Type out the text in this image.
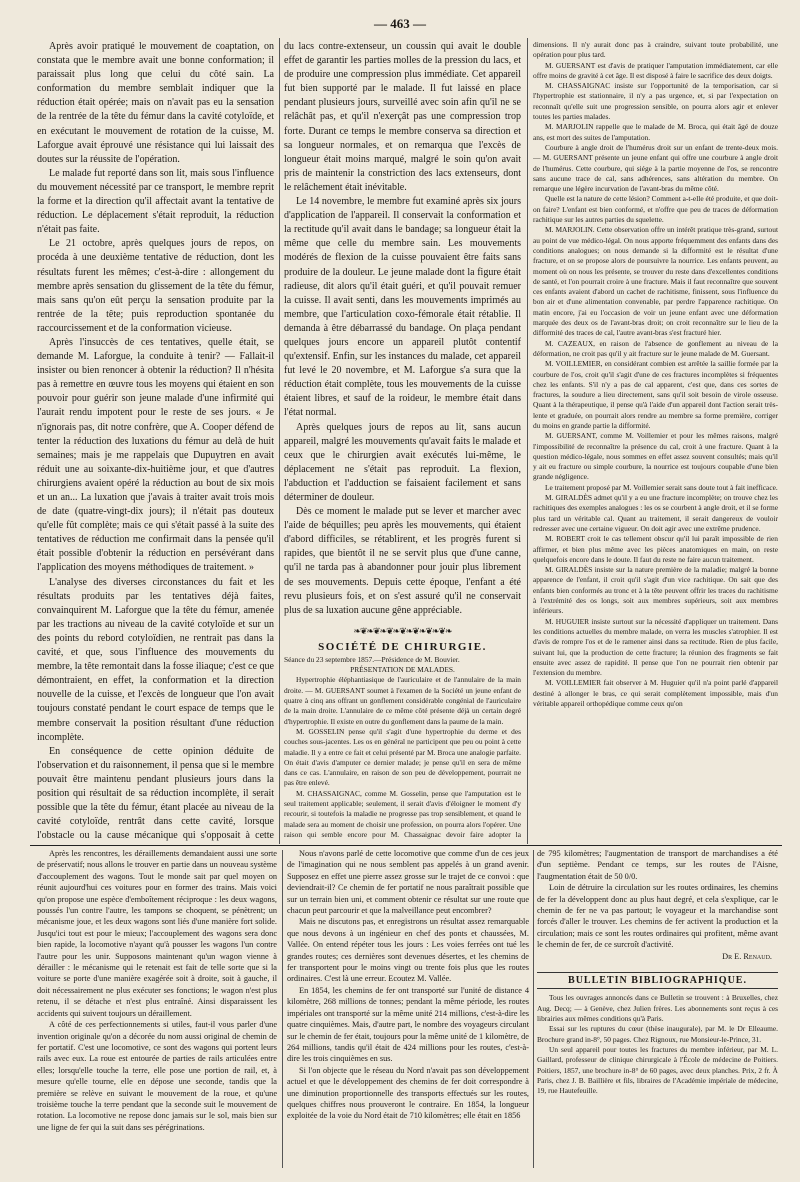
— 463 —

Après avoir pratiqué le mouvement de coaptation, on constata que le membre avait une bonne conformation; il paraissait plus long que celui du côté sain. La conformation du membre semblait indiquer que la réduction était opérée; mais on n'avait pas eu la sensation de la rentrée de la tête du fémur dans la cavité cotyloïde, et en exécutant le mouvement de rotation de la cuisse, M. Laforgue avait éprouvé une résistance qui lui laissait des doutes sur la réussite de l'opération.

Le malade fut reporté dans son lit, mais sous l'influence du mouvement nécessité par ce transport, le membre reprit la forme et la direction qu'il affectait avant la tentative de réduction. Le déplacement s'était reproduit, la réduction n'était pas faite.

Le 21 octobre, après quelques jours de repos, on procéda à une deuxième tentative de réduction, dont les résultats furent les mêmes; c'est-à-dire : allongement du membre après sensation du glissement de la tête du fémur, mais sans qu'on eût perçu la sensation produite par la rentrée de la tête; puis reproduction spontanée du raccourcissement et de la conformation vicieuse.

Après l'insuccès de ces tentatives, quelle était, se demande M. Laforgue, la conduite à tenir? — Fallait-il insister ou bien renoncer à obtenir la réduction? Il n'hésita pas à remettre en œuvre tous les moyens qui étaient en son pouvoir pour guérir son jeune malade d'une infirmité qui l'aurait rendu impotent pour le reste de ses jours. « Je n'ignorais pas, dit notre confrère, que A. Cooper défend de tenter la réduction des luxations du fémur au delà de huit semaines; mais je me rappelais que Dupuytren en avait réduit une au soixante-dix-huitième jour, et que d'autres chirurgiens avaient opéré la réduction au bout de six mois et un an... La luxation que j'avais à traiter avait trois mois de date (quatre-vingt-dix jours); il n'était pas douteux qu'elle fût complète; mais ce qui s'était passé à la suite des tentatives de réduction me confirmait dans la pensée qu'il était possible d'obtenir la réduction en persévérant dans l'application des moyens méthodiques de traitement. »

L'analyse des diverses circonstances du fait et les résultats produits par les tentatives déjà faites, convainquirent M. Laforgue que la tête du fémur, amenée par les tractions au niveau de la cavité cotyloïde et sur un des points du rebord cotyloïdien, ne rentrait pas dans la cavité, et que, sous l'influence des mouvements du membre, la tête remontait dans la fosse iliaque; c'est ce que démontraient, en effet, la conformation et la direction nouvelle de la cuisse, et l'excès de longueur que l'on avait toujours constaté pendant le court espace de temps que le membre conservait la position résultant d'une réduction incomplète.

En conséquence de cette opinion déduite de l'observation et du raisonnement, il pensa que si le membre pouvait être maintenu pendant plusieurs jours dans la position qui résultait de sa réduction incomplète, il serait possible que la tête du fémur, étant placée au niveau de la cavité cotyloïde, rentrât dans cette cavité, lorsque l'obstacle ou la cause mécanique qui s'opposait à cette

du lacs contre-extenseur, un coussin qui avait le double effet de garantir les parties molles de la pression du lacs, et de produire une compression plus immédiate. Cet appareil fut bien supporté par le malade. Il fut laissé en place pendant plusieurs jours, surveillé avec soin afin qu'il ne se relâchât pas, et qu'il n'exerçât pas une compression trop forte. Durant ce temps le membre conserva sa direction et sa longueur normales, et on remarqua que l'excès de longueur était moins marqué, malgré le soin qu'on avait pris de maintenir la constriction des lacs extenseurs, dont le relâchement était inévitable.

Le 14 novembre, le membre fut examiné après six jours d'application de l'appareil. Il conservait la conformation et la rectitude qu'il avait dans le bandage; sa longueur était la même que celle du membre sain. Les mouvements modérés de flexion de la cuisse pouvaient être faits sans produire de la douleur. Le jeune malade dont la figure était radieuse, dit alors qu'il était guéri, et qu'il pouvait remuer la cuisse. Il avait senti, dans les mouvements imprimés au membre, que l'articulation coxo-fémorale était rétablie. Il demanda à être débarrassé du bandage. On plaça pendant quelques jours encore un appareil plutôt contentif qu'extensif. Enfin, sur les instances du malade, cet appareil fut levé le 20 novembre, et M. Laforgue s'a sura que la réduction était complète, tous les mouvements de la cuisse étaient libres, et sauf de la roideur, le membre était dans l'état normal.

Après quelques jours de repos au lit, sans aucun appareil, malgré les mouvements qu'avait faits le malade et ceux que le chirurgien avait exécutés lui-même, le déplacement ne s'était pas reproduit. La flexion, l'abduction et l'adduction se faisaient facilement et sans déterminer de douleur.

Dès ce moment le malade put se lever et marcher avec l'aide de béquilles; peu après les mouvements, qui étaient d'abord difficiles, se rétablirent, et les progrès furent si rapides, que bientôt il ne se servit plus que d'une canne, qu'il ne tarda pas à abandonner pour jouir plus librement de ses mouvements. Depuis cette époque, l'enfant a été revu plusieurs fois, et on s'est assuré qu'il ne conservait plus de sa luxation aucune gêne appréciable.

❧❦❧❦❧❦❧❦❧❦❧❦❧❦❧
SOCIÉTÉ DE CHIRURGIE.

Séance du 23 septembre 1857.—Présidence de M. Bouvier.

PRÉSENTATION DE MALADES.

Hypertrophie éléphantiasique de l'auriculaire et de l'annulaire de la main droite. — M. GUERSANT soumet à l'examen de la Société un jeune enfant de quatre à cinq ans offrant un gonflement considérable congénial de l'auriculaire de la main droite. L'annulaire de ce même côté présente déjà un certain degré d'hypertrophie. Il existe en outre du gonflement dans la paume de la main.

M. GOSSELIN pense qu'il s'agit d'une hypertrophie du derme et des couches sous-jacentes. Les os en général ne participent que peu ou point à cette maladie. Il y a entre ce fait et celui présenté par M. Broca une analogie parfaite. On était d'avis d'amputer ce dernier malade; je pense qu'il en sera de même dans ce cas. L'annulaire, en raison de son peu de développement, pourrait ne pas être enlevé.

M. CHASSAIGNAC, comme M. Gosselin, pense que l'amputation est le seul traitement applicable; seulement, il serait d'avis d'éloigner le moment d'y recourir, si toutefois la maladie ne progresse pas trop sensiblement, et quand le malade sera au moment de choisir une profession, on pourra alors l'opérer. Une raison qui semble encore pour M. Chassaignac devoir faire adopter la

dimensions. Il n'y aurait donc pas à craindre, suivant toute probabilité, une opération pour plus tard.

M. GUERSANT est d'avis de pratiquer l'amputation immédiatement, car elle offre moins de gravité à cet âge. Il est disposé à faire le sacrifice des deux doigts.

M. CHASSAIGNAC insiste sur l'opportunité de la temporisation, car si l'hypertrophie est stationnaire, il n'y a pas urgence, et, si par l'expectation on reconnaît qu'elle suit une progression sensible, on pourra alors agir et enlever toutes les parties malades.

M. MARJOLIN rappelle que le malade de M. Broca, qui était âgé de douze ans, est mort des suites de l'amputation.

Courbure à angle droit de l'humérus droit sur un enfant de trente-deux mois. — M. GUERSANT présente un jeune enfant qui offre une courbure à angle droit de l'humérus. Cette courbure, qui siége à la partie moyenne de l'os, se rencontre sans aucune trace de cal, sans adhérences, sans altération du membre. On remarque une légère incurvation de l'avant-bras du même côté.

Quelle est la nature de cette lésion? Comment a-t-elle été produite, et que doit-on faire? L'enfant est bien conformé, et n'offre que peu de traces de déformation rachitique sur les autres parties du squelette.

M. MARJOLIN. Cette observation offre un intérêt pratique très-grand, surtout au point de vue médico-légal. On nous apporte fréquemment des enfants dans des conditions analogues; on nous demande si la difformité est le résultat d'une fracture, et on se propose alors de poursuivre la nourrice. Les enfants peuvent, au moment où on nous les présente, se trouver du reste dans d'excellentes conditions de santé, et l'on pourrait croire à une fracture. Mais il faut reconnaître que souvent ces enfants avaient d'abord un cachet de rachitisme, finissent, sous l'influence du bon air et d'une alimentation convenable, par perdre l'apparence rachitique. On matin encore, j'ai eu l'occasion de voir un jeune enfant avec une déformation marquée des deux os de l'avant-bras droit; on croit reconnaître sur le lieu de la difformité des traces de cal, l'autre avant-bras s'est fracturé hier.

M. CAZEAUX, en raison de l'absence de gonflement au niveau de la déformation, ne croit pas qu'il y ait fracture sur le jeune malade de M. Guersant.

M. VOILLEMIER, en considérant combien est arrêtée la saillie formée par la courbure de l'os, croit qu'il s'agit d'une de ces fractures incomplètes si fréquentes chez les enfants. S'il n'y a pas de cal apparent, c'est que, dans ces sortes de fractures, la soudure a lieu directement, sans qu'il soit besoin de virole osseuse. Quant à la thérapeutique, il pense qu'à l'aide d'un appareil dont l'action serait très-lente et graduée, on pourrait alors rendre au membre sa forme première, corriger du moins en grande partie la difformité.

M. GUERSANT, comme M. Voillemier et pour les mêmes raisons, malgré l'impossibilité de reconnaître la présence du cal, croit à une fracture. Quant à la question médico-légale, nous sommes en effet assez souvent consultés; mais qu'il y ait eu fracture ou simple courbure, la nourrice est toujours coupable d'une bien grande négligence.

Le traitement proposé par M. Voillemier serait sans doute tout à fait inefficace.

M. GIRALDÈS admet qu'il y a eu une fracture incomplète; on trouve chez les rachitiques des exemples analogues : les os se courbent à angle droit, et il se forme plus tard un véritable cal. Quant au traitement, il serait dangereux de vouloir redresser avec une certaine vigueur. On doit agir avec une extrême prudence.

M. ROBERT croit le cas tellement obscur qu'il lui paraît impossible de rien affirmer, et bien plus même avec les pièces anatomiques en main, on reste quelquefois encore dans le doute. Il faut du reste ne faire aucun traitement.

M. GIRALDÈS insiste sur la nature première de la maladie; malgré la bonne apparence de l'enfant, il croit qu'il s'agit d'un vice rachitique. On sait que des enfants bien conformés au tronc et à la tête peuvent offrir les traces du rachitisme à l'extrémité des os longs, soit aux membres supérieurs, soit aux membres inférieurs.

M. HUGUIER insiste surtout sur la nécessité d'appliquer un traitement. Dans les conditions actuelles du membre malade, on verra les muscles s'atrophier. Il est d'avis de rompre l'os et de le ramener ainsi dans sa rectitude. Rien de plus facile, suivant lui, que la production de cette fracture; la réunion des fragments se fait ensuite avec assez de rapidité. Il pense que l'on ne pourrait rien obtenir par l'extension du membre.

M. VOILLEMIER fait observer à M. Huguier qu'il n'a point parlé d'appareil destiné à allonger le bras, ce qui serait complètement impossible, mais d'un véritable appareil orthopédique comme ceux qu'on

Après les rencontres, les déraillements demandaient aussi une sorte de préservatif; nous allons le trouver en partie dans un nouveau système d'accouplement des wagons. Tout le monde sait par quel moyen on réunit aujourd'hui ces voitures pour en former des trains. Mais voici qu'on propose une espèce d'emboîtement réciproque : les deux wagons, poussés l'un contre l'autre, les tampons se choquent, se pénètrent; un mécanisme joue, et les deux wagons sont liés d'une manière fort solide. Jusqu'ici tout est pour le mieux; l'accouplement des wagons sera donc bien rapide, la locomotive n'ayant qu'à pousser les wagons l'un contre l'autre pour les unir. Supposons maintenant qu'un wagon vienne à dérailler : le mécanisme qui le retenait est fait de telle sorte que si la voiture se porte d'une manière exagérée soit à droite, soit à gauche, il doit nécessairement ne plus exécuter ses fonctions; le wagon n'est plus retenu, il se détache et n'est plus entraîné. Ainsi disparaissent les accidents qui suivent toujours un déraillement.

A côté de ces perfectionnements si utiles, faut-il vous parler d'une invention originale qu'on a décorée du nom aussi original de chemin de fer portatif. C'est une locomotive, ce sont des wagons qui portent leurs rails avec eux. La roue est entourée de parties de rails articulées entre elles; lorsqu'elle touche la terre, elle pose une portion de rail, et, à mesure qu'elle tourne, elle en dépose une seconde, tandis que la première se relève en suivant le mouvement de la roue, et qu'une troisième touche la terre pendant que la seconde suit le mouvement de rotation. La locomotive ne repose donc jamais sur le sol, mais bien sur une ligne de fer qui la suit dans ses pérégrinations.

Nous n'avons parlé de cette locomotive que comme d'un de ces jeux de l'imagination qui ne nous semblent pas appelés à un grand avenir. Supposez en effet une pierre assez grosse sur le trajet de ce convoi : que deviendrait-il? Ce chemin de fer portatif ne nous paraîtrait possible que sur un terrain bien uni, et comment obtenir ce résultat sur une route que chacun peut parcourir et que la malveillance peut encombrer?

Mais ne discutons pas, et enregistrons un résultat assez remarquable que nous devons à un ingénieur en chef des ponts et chaussées, M. Vallée. On entend répéter tous les jours : Les voies ferrées ont tué les grandes routes; ces dernières sont devenues désertes, et les chemins de fer transportent pour le moins vingt ou trente fois plus que les routes ordinaires. C'est là une erreur. Ecoutez M. Vallée.

En 1854, les chemins de fer ont transporté sur l'unité de distance 4 kilomètre, 268 millions de tonnes; pendant la même période, les routes impériales ont transporté sur la même unité 214 millions, c'est-à-dire les quatre cinquièmes. Mais, d'autre part, le nombre des voyageurs circulant sur le chemin de fer était, toujours pour la même unité de 1 kilomètre, de 264 millions, tandis qu'il était de 424 millions pour les routes, c'est-à-dire les trois cinquièmes en sus.

Si l'on objecte que le réseau du Nord n'avait pas son développement actuel et que le développement des chemins de fer doit correspondre à une diminution proportionnelle des transports effectués sur les routes, quelques chiffres nous prouveront le contraire. En 1854, la longueur exploitée de la voie du Nord était de 710 kilomètres; elle était en 1856

de 795 kilomètres; l'augmentation de transport de marchandises a été d'un septième. Pendant ce temps, sur les routes de l'Aisne, l'augmentation était de 50 0/0.

Loin de détruire la circulation sur les routes ordinaires, les chemins de fer la développent donc au plus haut degré, et cela s'explique, car le chemin de fer ne va pas partout; le voyageur et la marchandise sont forcés d'aller le trouver. Les chemins de fer activent la production et la circulation; mais ce sont les routes ordinaires qui profitent, même avant le chemin de fer, de ce surcroît d'activité.

Dr E. Renaud.

BULLETIN BIBLIOGRAPHIQUE.

Tous les ouvrages annoncés dans ce Bulletin se trouvent : à Bruxelles, chez Aug. Decq; — à Genève, chez Julien frères. Les abonnements sont reçus à ces librairies aux mêmes conditions qu'à Paris.

Essai sur les ruptures du cœur (thèse inaugurale), par M. le Dr Elleaume. Brochure grand in-8°, 50 pages. Chez Rignoux, rue Monsieur-le-Prince, 31.

Un seul appareil pour toutes les fractures du membre inférieur, par M. L. Gaillard, professeur de clinique chirurgicale à l'École de médecine de Poitiers. Poitiers, 1857, une brochure in-8° de 60 pages, avec deux planches. Prix, 2 fr. À Paris, chez J. B. Baillière et fils, libraires de l'Académie impériale de médecine, 19, rue Hautefeuille.
